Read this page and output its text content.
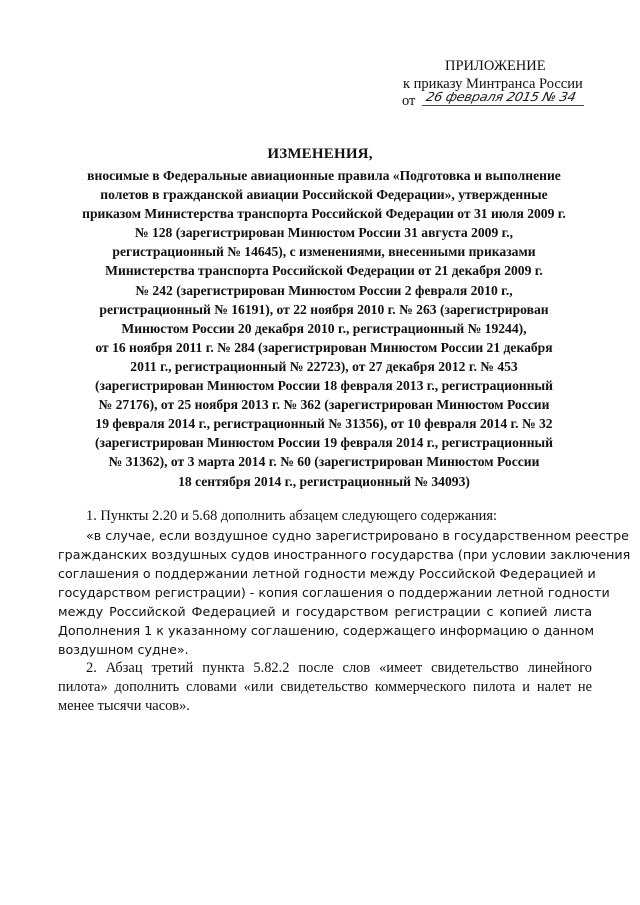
ПРИЛОЖЕНИЕ
к приказу Минтранса России
от 26 февраля 2015 № 34
ИЗМЕНЕНИЯ,
вносимые в Федеральные авиационные правила «Подготовка и выполнение
полетов в гражданской авиации Российской Федерации», утвержденные
приказом Министерства транспорта Российской Федерации от 31 июля 2009 г.
№ 128 (зарегистрирован Минюстом России 31 августа 2009 г.,
регистрационный № 14645), с изменениями, внесенными приказами
Министерства транспорта Российской Федерации от 21 декабря 2009 г.
№ 242 (зарегистрирован Минюстом России 2 февраля 2010 г.,
регистрационный № 16191), от 22 ноября 2010 г. № 263 (зарегистрирован
Минюстом России 20 декабря 2010 г., регистрационный № 19244),
от 16 ноября 2011 г. № 284 (зарегистрирован Минюстом России 21 декабря
2011 г., регистрационный № 22723), от 27 декабря 2012 г. № 453
(зарегистрирован Минюстом России 18 февраля 2013 г., регистрационный
№ 27176), от 25 ноября 2013 г. № 362 (зарегистрирован Минюстом России
19 февраля 2014 г., регистрационный № 31356), от 10 февраля 2014 г. № 32
(зарегистрирован Минюстом России 19 февраля 2014 г., регистрационный
№ 31362), от 3 марта 2014 г. № 60 (зарегистрирован Минюстом России
18 сентября 2014 г., регистрационный № 34093)
1. Пункты 2.20 и 5.68 дополнить абзацем следующего содержания:
«в случае, если воздушное судно зарегистрировано в государственном реестре
гражданских воздушных судов иностранного государства (при условии заключения
соглашения о поддержании летной годности между Российской Федерацией и
государством регистрации) - копия соглашения о поддержании летной годности
между Российской Федерацией и государством регистрации с копией листа
Дополнения 1 к указанному соглашению, содержащего информацию о данном
воздушном судне».
2. Абзац третий пункта 5.82.2 после слов «имеет свидетельство линейного
пилота» дополнить словами «или свидетельство коммерческого пилота и налет не
менее тысячи часов».
